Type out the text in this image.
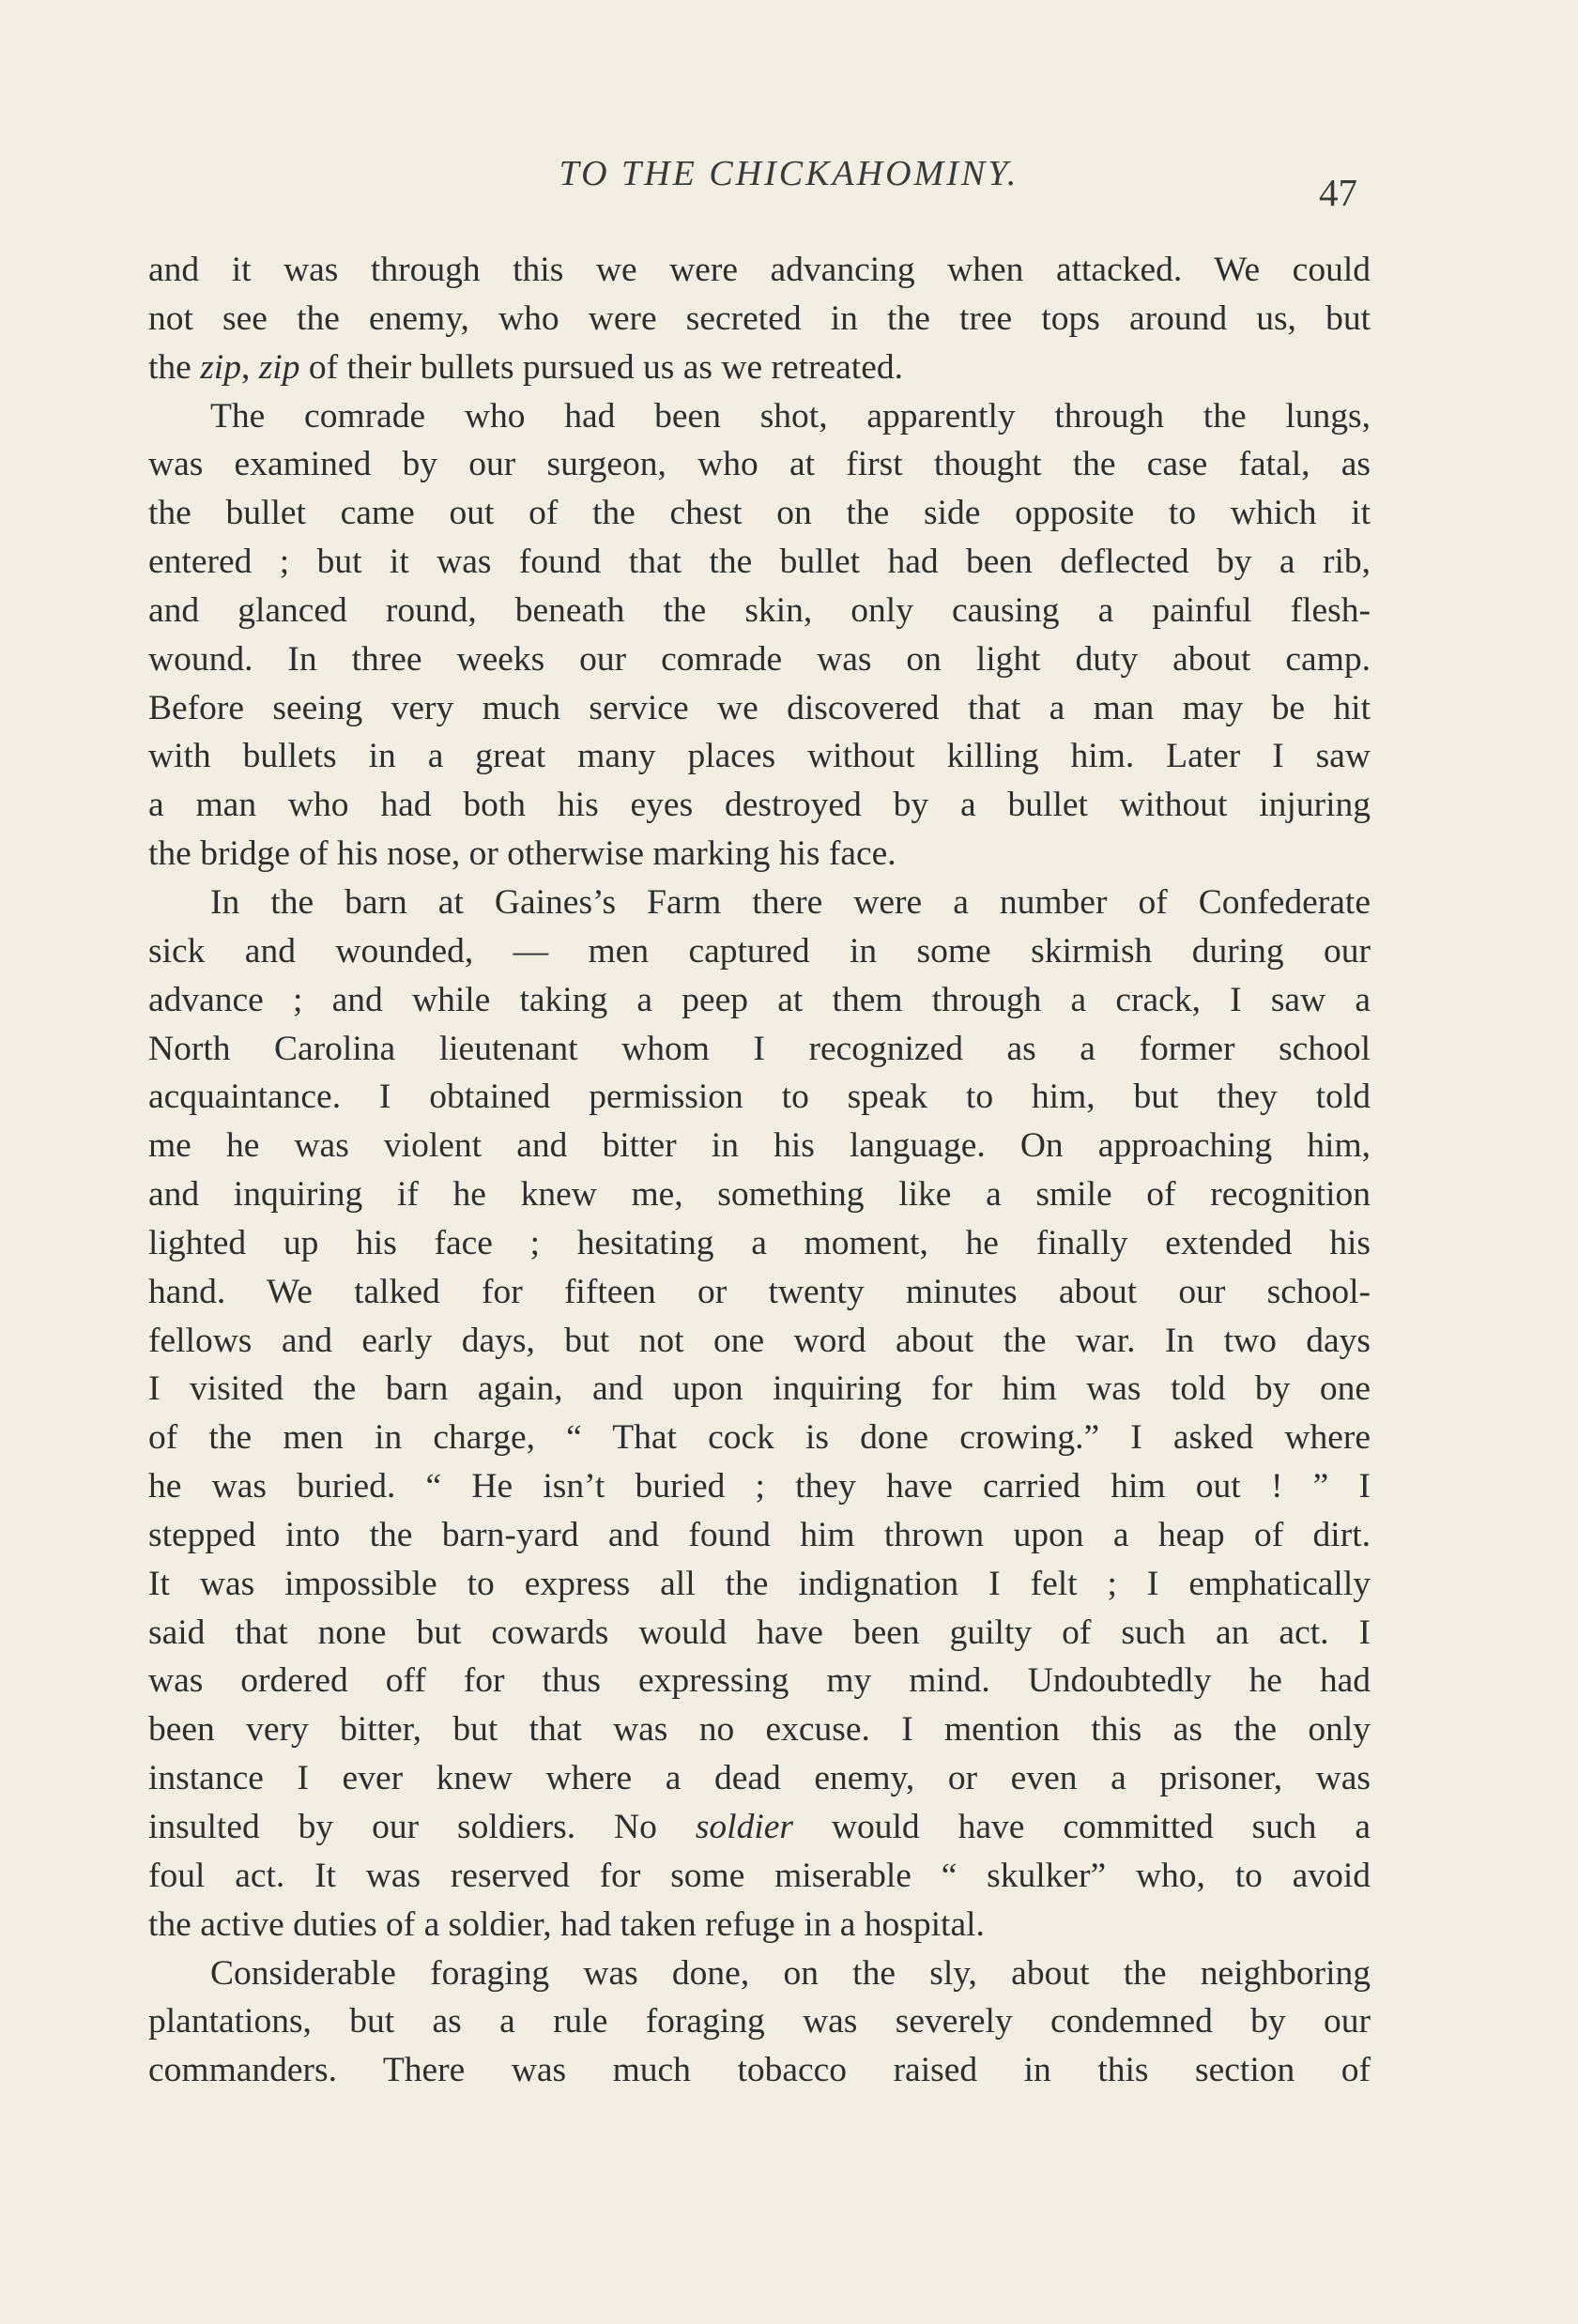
TO THE CHICKAHOMINY.	47
and it was through this we were advancing when attacked. We could
not see the enemy, who were secreted in the tree tops around us, but
the zip, zip of their bullets pursued us as we retreated.
The comrade who had been shot, apparently through the lungs,
was examined by our surgeon, who at first thought the case fatal, as
the bullet came out of the chest on the side opposite to which it
entered ; but it was found that the bullet had been deflected by a rib,
and glanced round, beneath the skin, only causing a painful flesh-
wound. In three weeks our comrade was on light duty about camp.
Before seeing very much service we discovered that a man may be hit
with bullets in a great many places without killing him. Later I saw
a man who had both his eyes destroyed by a bullet without injuring
the bridge of his nose, or otherwise marking his face.
In the barn at Gaines’s Farm there were a number of Confederate
sick and wounded, — men captured in some skirmish during our
advance ; and while taking a peep at them through a crack, I saw a
North Carolina lieutenant whom I recognized as a former school
acquaintance. I obtained permission to speak to him, but they told
me he was violent and bitter in his language. On approaching him,
and inquiring if he knew me, something like a smile of recognition
lighted up his face ; hesitating a moment, he finally extended his
hand. We talked for fifteen or twenty minutes about our school-
fellows and early days, but not one word about the war. In two days
I visited the barn again, and upon inquiring for him was told by one
of the men in charge, “ That cock is done crowing.” I asked where
he was buried. “ He isn’t buried ; they have carried him out ! ” I
stepped into the barn-yard and found him thrown upon a heap of dirt.
It was impossible to express all the indignation I felt ; I emphatically
said that none but cowards would have been guilty of such an act. I
was ordered off for thus expressing my mind. Undoubtedly he had
been very bitter, but that was no excuse. I mention this as the only
instance I ever knew where a dead enemy, or even a prisoner, was
insulted by our soldiers. No soldier would have committed such a
foul act. It was reserved for some miserable “ skulker” who, to avoid
the active duties of a soldier, had taken refuge in a hospital.
Considerable foraging was done, on the sly, about the neighboring
plantations, but as a rule foraging was severely condemned by our
commanders. There was much tobacco raised in this section of
